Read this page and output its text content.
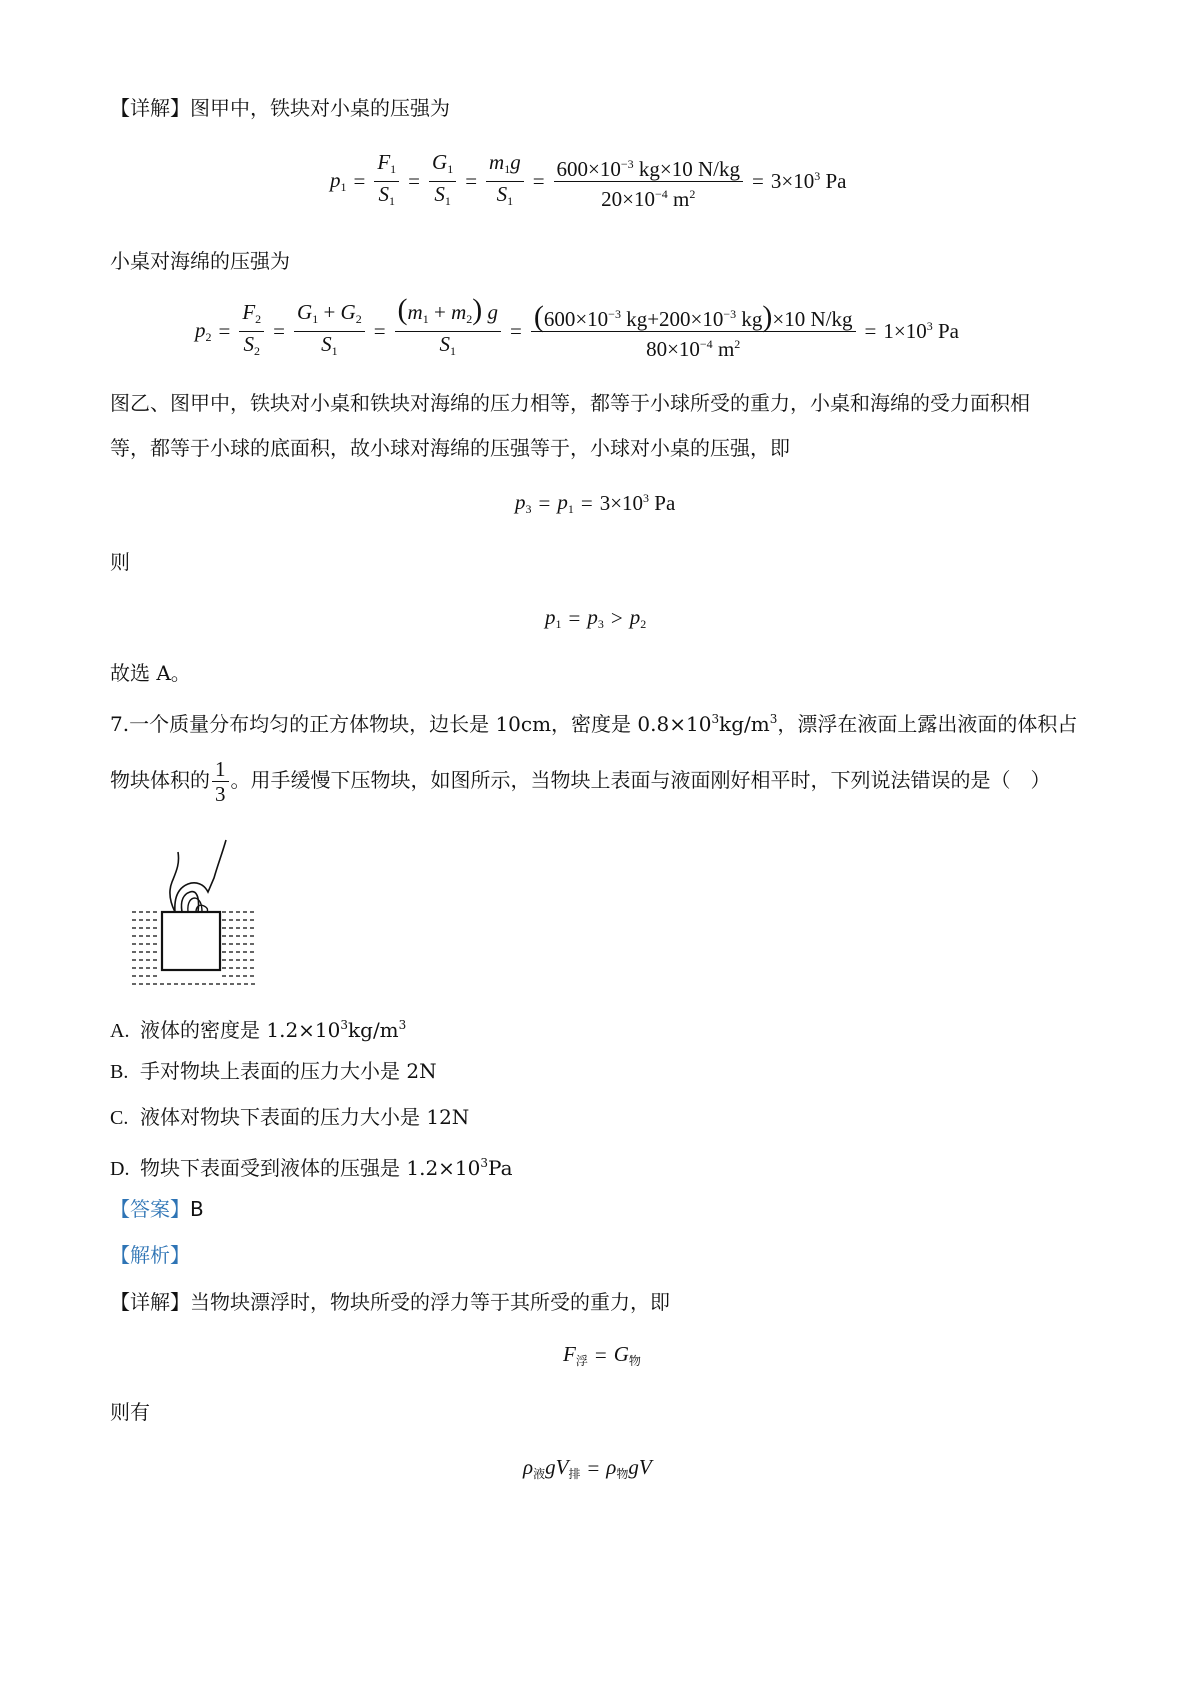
【详解】图甲中，铁块对小桌的压强为
$p_1 = \frac{F_1}{S_1} = \frac{G_1}{S_1} = \frac{m_1g}{S_1} = \frac{600\times 10^{-3} kg\times 10 N/kg}{20\times 10^{-4} m^2} = 3\times 10^3$ Pa
小桌对海绵的压强为
$p_2 = \frac{F_2}{S_2} = \frac{G_1 + G_2}{S_1} = \frac{(m_1 + m_2) g}{S_1} = \frac{(600\times 10^{-3} kg+200\times 10^{-3} kg)\times 10 N/kg}{80\times 10^{-4} m^2} = 1\times 10^3$ Pa
图乙、图甲中，铁块对小桌和铁块对海绵的压力相等，都等于小球所受的重力，小桌和海绵的受力面积相
等，都等于小球的底面积，故小球对海绵的压强等于，小球对小桌的压强，即
$p_3 = p_1 = 3\times 10^3$ Pa
则
$p_1 = p_3 > p_2$
故选 A。
7.一个质量分布均匀的正方体物块，边长是 10cm，密度是 $0.8\times 10^3kg/m^3$，漂浮在液面上露出液面的体积占
物块体积的 $\frac{1}{3}$ 。用手缓慢下压物块，如图所示，当物块上表面与液面刚好相平时，下列说法错误的是（　）
A. 液体的密度是 $1.2\times 10^3kg/m^3$
B. 手对物块上表面的压力大小是 2N
C. 液体对物块下表面的压力大小是 12N
D. 物块下表面受到液体的压强是 $1.2\times 10^3Pa$
【答案】B
【解析】
【详解】当物块漂浮时，物块所受的浮力等于其所受的重力，即
$F_浮 = G_物$
则有
$\rho_液gV_排 = \rho_物gV$
